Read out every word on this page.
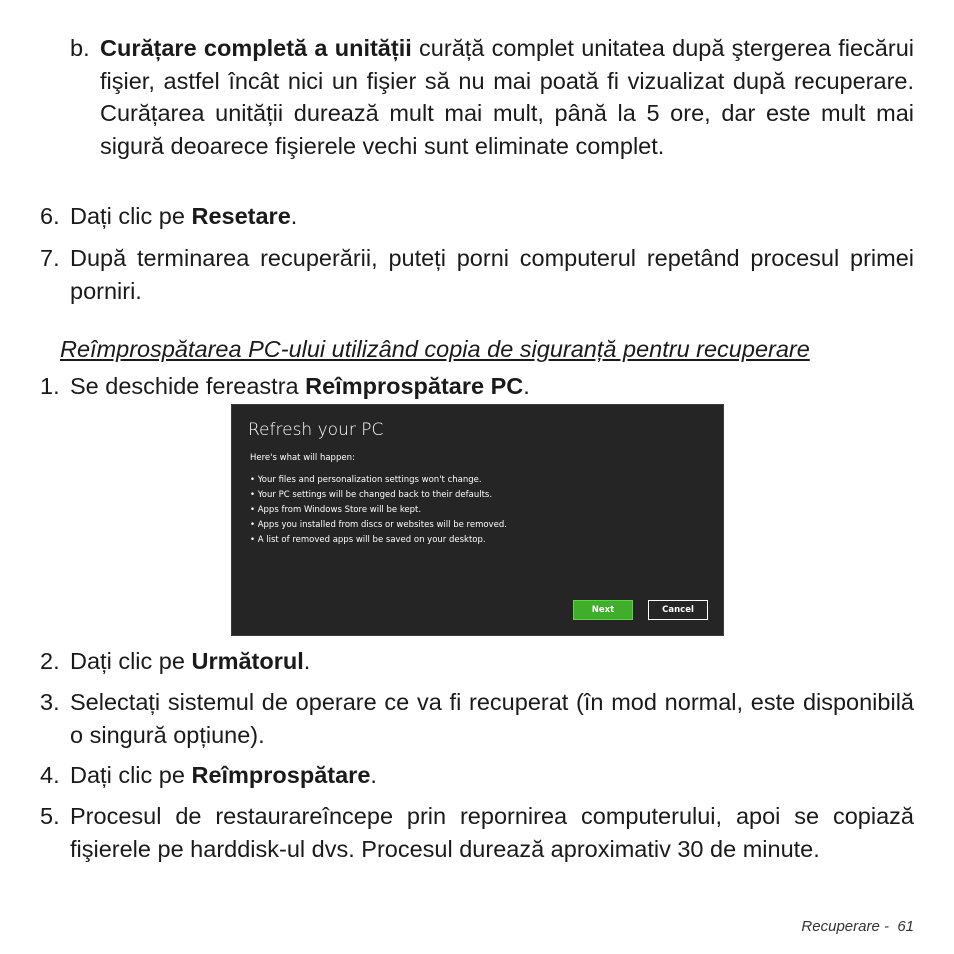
b. Curățare completă a unității curăță complet unitatea după ştergerea fiecărui fişier, astfel încât nici un fişier să nu mai poată fi vizualizat după recuperare. Curățarea unității durează mult mai mult, până la 5 ore, dar este mult mai sigură deoarece fişierele vechi sunt eliminate complet.
6. Dați clic pe Resetare.
7. După terminarea recuperării, puteți porni computerul repetând procesul primei porniri.
Reîmprospătarea PC-ului utilizând copia de siguranță pentru recuperare
1. Se deschide fereastra Reîmprospătare PC.
Refresh your PC
Here's what will happen:
• Your files and personalization settings won't change.
• Your PC settings will be changed back to their defaults.
• Apps from Windows Store will be kept.
• Apps you installed from discs or websites will be removed.
• A list of removed apps will be saved on your desktop.
Next	Cancel
2. Dați clic pe Următorul.
3. Selectați sistemul de operare ce va fi recuperat (în mod normal, este disponibilă o singură opțiune).
4. Dați clic pe Reîmprospătare.
5. Procesul de restaurareîncepe prin repornirea computerului, apoi se copiază fişierele pe harddisk-ul dvs. Procesul durează aproximativ 30 de minute.
Recuperare - 61
